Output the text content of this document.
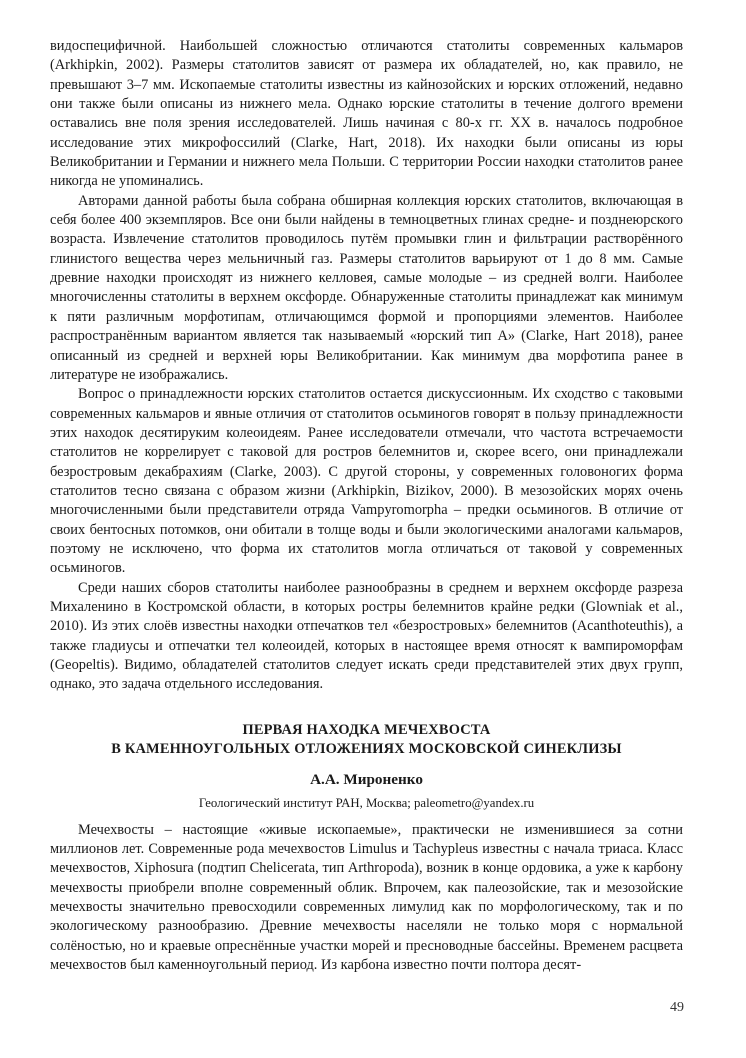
видоспецифичной. Наибольшей сложностью отличаются статолиты современных кальмаров (Arkhipkin, 2002). Размеры статолитов зависят от размера их обладателей, но, как правило, не превышают 3–7 мм. Ископаемые статолиты известны из кайнозойских и юрских отложений, недавно они также были описаны из нижнего мела. Однако юрские статолиты в течение долгого времени оставались вне поля зрения исследователей. Лишь начиная с 80-х гг. XX в. началось подробное исследование этих микрофоссилий (Clarke, Hart, 2018). Их находки были описаны из юры Великобритании и Германии и нижнего мела Польши. С территории России находки статолитов ранее никогда не упоминались.

Авторами данной работы была собрана обширная коллекция юрских статолитов, включающая в себя более 400 экземпляров. Все они были найдены в темноцветных глинах средне- и позднеюрского возраста. Извлечение статолитов проводилось путём промывки глин и фильтрации растворённого глинистого вещества через мельничный газ. Размеры статолитов варьируют от 1 до 8 мм. Самые древние находки происходят из нижнего келловея, самые молодые – из средней волги. Наиболее многочисленны статолиты в верхнем оксфорде. Обнаруженные статолиты принадлежат как минимум к пяти различным морфотипам, отличающимся формой и пропорциями элементов. Наиболее распространённым вариантом является так называемый «юрский тип А» (Clarke, Hart 2018), ранее описанный из средней и верхней юры Великобритании. Как минимум два морфотипа ранее в литературе не изображались.

Вопрос о принадлежности юрских статолитов остается дискуссионным. Их сходство с таковыми современных кальмаров и явные отличия от статолитов осьминогов говорят в пользу принадлежности этих находок десятируким колеоидеям. Ранее исследователи отмечали, что частота встречаемости статолитов не коррелирует с таковой для ростров белемнитов и, скорее всего, они принадлежали безростровым декабрахиям (Clarke, 2003). С другой стороны, у современных головоногих форма статолитов тесно связана с образом жизни (Arkhipkin, Bizikov, 2000). В мезозойских морях очень многочисленными были представители отряда Vampyromorpha – предки осьминогов. В отличие от своих бентосных потомков, они обитали в толще воды и были экологическими аналогами кальмаров, поэтому не исключено, что форма их статолитов могла отличаться от таковой у современных осьминогов.

Среди наших сборов статолиты наиболее разнообразны в среднем и верхнем оксфорде разреза Михаленино в Костромской области, в которых ростры белемнитов крайне редки (Glowniak et al., 2010). Из этих слоёв известны находки отпечатков тел «безростровых» белемнитов (Acanthoteuthis), а также гладиусы и отпечатки тел колеоидей, которых в настоящее время относят к вампироморфам (Geopeltis). Видимо, обладателей статолитов следует искать среди представителей этих двух групп, однако, это задача отдельного исследования.

ПЕРВАЯ НАХОДКА МЕЧЕХВОСТА

В КАМЕННОУГОЛЬНЫХ ОТЛОЖЕНИЯХ МОСКОВСКОЙ СИНЕКЛИЗЫ

А.А. Мироненко

Геологический институт РАН, Москва; paleometro@yandex.ru

Мечехвосты – настоящие «живые ископаемые», практически не изменившиеся за сотни миллионов лет. Современные рода мечехвостов Limulus и Tachypleus известны с начала триаса. Класс мечехвостов, Xiphosura (подтип Chelicerata, тип Arthropoda), возник в конце ордовика, а уже к карбону мечехвосты приобрели вполне современный облик. Впрочем, как палеозойские, так и мезозойские мечехвосты значительно превосходили современных лимулид как по морфологическому, так и по экологическому разнообразию. Древние мечехвосты населяли не только моря с нормальной солёностью, но и краевые опреснённые участки морей и пресноводные бассейны. Временем расцвета мечехвостов был каменноугольный период. Из карбона известно почти полтора десят-

49
